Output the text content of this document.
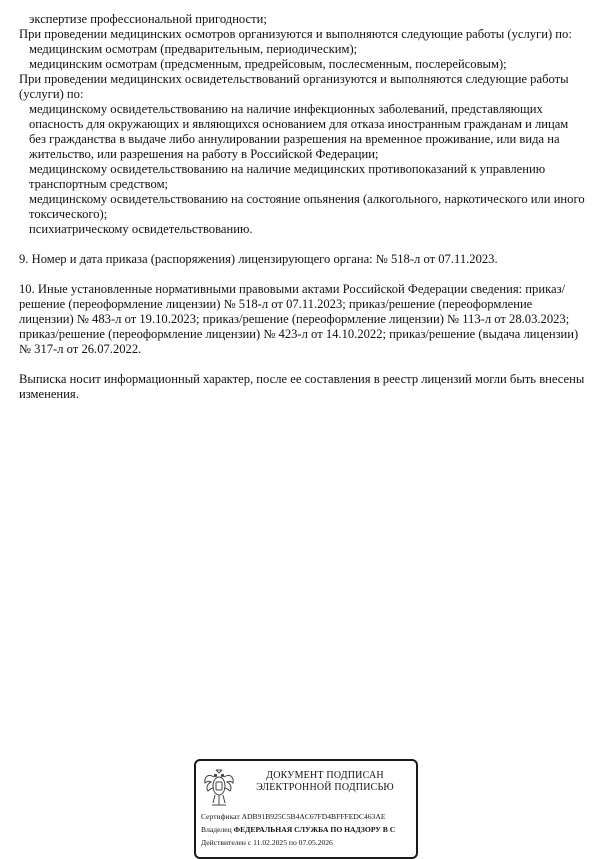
экспертизе профессиональной пригодности;

При проведении медицинских осмотров организуются и выполняются следующие работы (услуги) по:

медицинским осмотрам (предварительным, периодическим);

медицинским осмотрам (предсменным, предрейсовым, послесменным, послерейсовым);

При проведении медицинских освидетельствований организуются и выполняются следующие работы (услуги) по:

медицинскому освидетельствованию на наличие инфекционных заболеваний, представляющих опасность для окружающих и являющихся основанием для отказа иностранным гражданам и лицам без гражданства в выдаче либо аннулировании разрешения на временное проживание, или вида на жительство, или разрешения на работу в Российской Федерации;

медицинскому освидетельствованию на наличие медицинских противопоказаний к управлению транспортным средством;

медицинскому освидетельствованию на состояние опьянения (алкогольного, наркотического или иного токсического);

психиатрическому освидетельствованию.

9. Номер и дата приказа (распоряжения) лицензирующего органа: № 518-л от 07.11.2023.

10. Иные установленные нормативными правовыми актами Российской Федерации сведения: приказ/решение (переоформление лицензии) № 518-л от 07.11.2023; приказ/решение (переоформление лицензии) № 483-л от 19.10.2023; приказ/решение (переоформление лицензии) № 113-л от 28.03.2023; приказ/решение (переоформление лицензии) № 423-л от 14.10.2022; приказ/решение (выдача лицензии) № 317-л от 26.07.2022.

Выписка носит информационный характер, после ее составления в реестр лицензий могли быть внесены изменения.

ДОКУМЕНТ ПОДПИСАН
ЭЛЕКТРОННОЙ ПОДПИСЬЮ
Сертификат ADB91B925C5B4AC67FD4BFFFEDC463AE
Владелец ФЕДЕРАЛЬНАЯ СЛУЖБА ПО НАДЗОРУ В С
Действителен с 11.02.2025 по 07.05.2026
